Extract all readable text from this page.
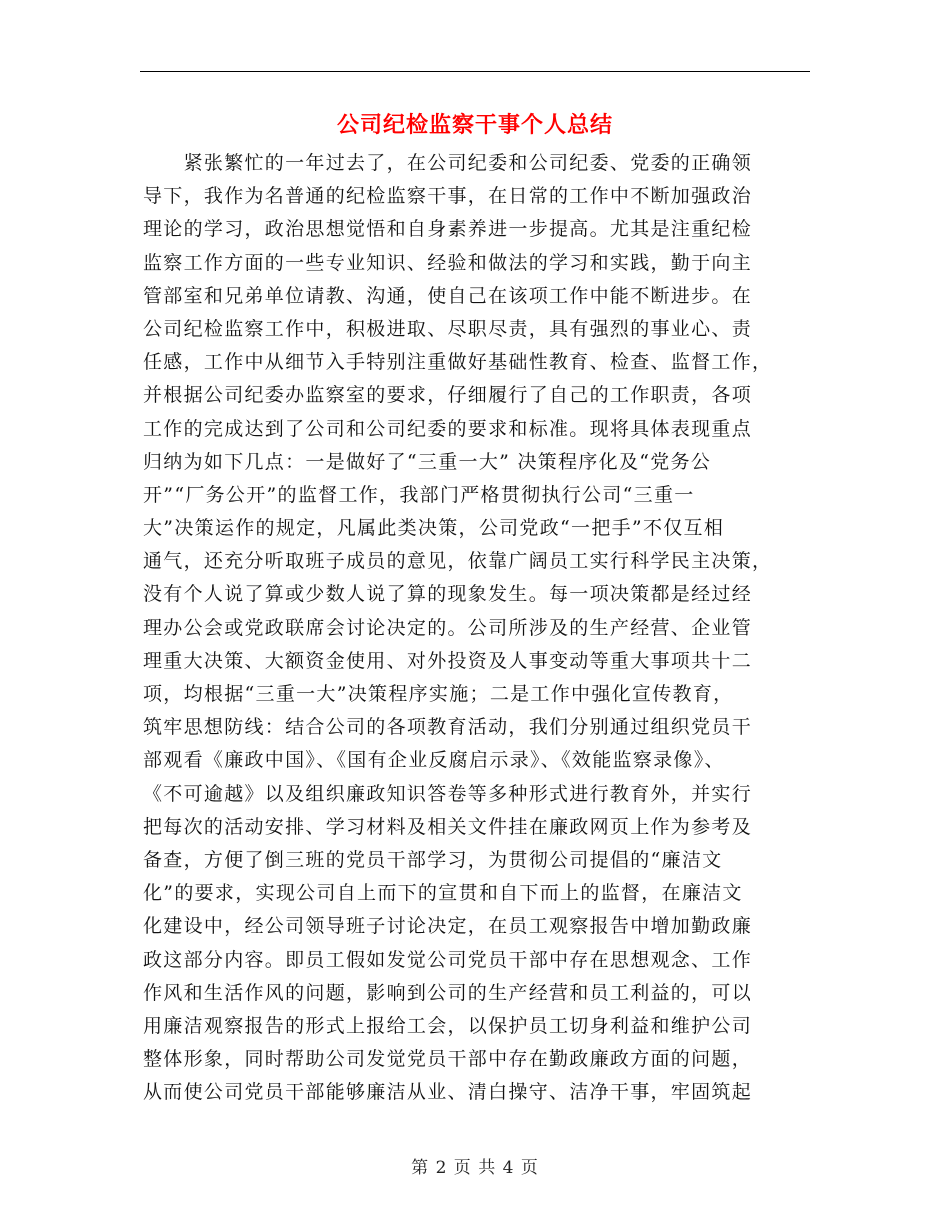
公司纪检监察干事个人总结
　　紧张繁忙的一年过去了，在公司纪委和公司纪委、党委的正确领
导下，我作为名普通的纪检监察干事，在日常的工作中不断加强政治
理论的学习，政治思想觉悟和自身素养进一步提高。尤其是注重纪检
监察工作方面的一些专业知识、经验和做法的学习和实践，勤于向主
管部室和兄弟单位请教、沟通，使自己在该项工作中能不断进步。在
公司纪检监察工作中，积极进取、尽职尽责，具有强烈的事业心、责
任感，工作中从细节入手特别注重做好基础性教育、检查、监督工作，
并根据公司纪委办监察室的要求，仔细履行了自己的工作职责，各项
工作的完成达到了公司和公司纪委的要求和标准。现将具体表现重点
归纳为如下几点：一是做好了“三重一大” 决策程序化及“党务公
开”“厂务公开”的监督工作，我部门严格贯彻执行公司“三重一
大”决策运作的规定，凡属此类决策，公司党政“一把手”不仅互相
通气，还充分听取班子成员的意见，依靠广阔员工实行科学民主决策，
没有个人说了算或少数人说了算的现象发生。每一项决策都是经过经
理办公会或党政联席会讨论决定的。公司所涉及的生产经营、企业管
理重大决策、大额资金使用、对外投资及人事变动等重大事项共十二
项，均根据“三重一大”决策程序实施；二是工作中强化宣传教育，
筑牢思想防线：结合公司的各项教育活动，我们分别通过组织党员干
部观看《廉政中国》、《国有企业反腐启示录》、《效能监察录像》、
《不可逾越》以及组织廉政知识答卷等多种形式进行教育外，并实行
把每次的活动安排、学习材料及相关文件挂在廉政网页上作为参考及
备查，方便了倒三班的党员干部学习，为贯彻公司提倡的“廉洁文
化”的要求，实现公司自上而下的宣贯和自下而上的监督，在廉洁文
化建设中，经公司领导班子讨论决定，在员工观察报告中增加勤政廉
政这部分内容。即员工假如发觉公司党员干部中存在思想观念、工作
作风和生活作风的问题，影响到公司的生产经营和员工利益的，可以
用廉洁观察报告的形式上报给工会，以保护员工切身利益和维护公司
整体形象，同时帮助公司发觉党员干部中存在勤政廉政方面的问题，
从而使公司党员干部能够廉洁从业、清白操守、洁净干事，牢固筑起
第 2 页 共 4 页
